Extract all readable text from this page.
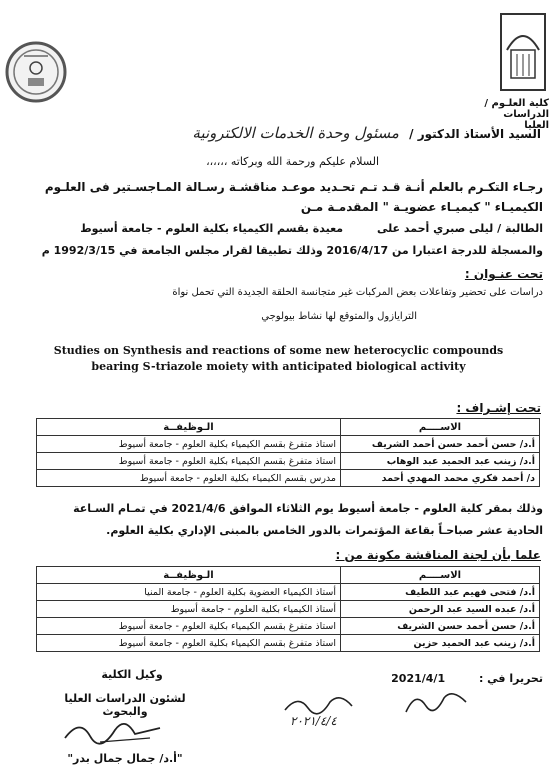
كلية العلـوم / الدراسات
العليا
السيد الأستاذ الدكتور / مسئول وحدة الخدمات الالكترونية
السلام عليكم ورحمة الله وبركاته ،،،،،،
رجـاء التكـرم بالعلم أنـة قـد تـم تحـديد موعـد مناقشـة رسـالة المـاجسـتير فى العلـوم
الكيميـاء " كيميـاء عضويـة " المقدمـة مـن
الطالبة / ليلى صبري أحمد على معيدة بقسم الكيمياء بكلية العلوم - جامعة أسيوط
والمسجلة للدرجة اعتبارا من 2016/4/17 وذلك تطبيقا لقرار مجلس الجامعة في 1992/3/15 م
تحت عنـوان :
دراسات على تحضير وتفاعلات بعض المركبات غير متجانسة الحلقة الجديدة التي تحمل نواة
الترايازول والمتوقع لها نشاط بيولوجي
Studies on Synthesis and reactions of some new heterocyclic compounds
bearing S-triazole moiety with anticipated biological activity
تحت إشـراف :
الاســــم	الـوظيفــة
أ.د/ حسن أحمد حسن أحمد الشريف	استاذ متفرغ بقسم الكيمياء بكلية العلوم - جامعة أسيوط
أ.د/ زينب عبد الحميد عبد الوهاب	استاذ متفرغ بقسم الكيمياء بكلية العلوم - جامعة أسيوط
د/ أحمد فكري محمد المهدي أحمد	مدرس بقسم الكيمياء بكلية العلوم - جامعة أسيوط
وذلك بمقر كلية العلوم - جامعة أسيوط يوم الثلاثاء الموافق 2021/4/6 في تمـام السـاعة
الحادية عشر صباحـاً بقاعة المؤتمرات بالدور الخامس بالمبنى الإداري بكلية العلوم.
علما بأن لجنة المناقشة مكونة من :
الاســــم	الـوظيفــة
أ.د/ فتحى فهيم عبد اللطيف	أستاذ الكيمياء العضوية بكلية العلوم - جامعة المنيا
أ.د/ عبده السيد عبد الرحمن	أستاذ الكيمياء بكلية العلوم - جامعة أسيوط
أ.د/ حسن أحمد حسن الشريف	استاذ متفرغ بقسم الكيمياء بكلية العلوم - جامعة أسيوط
أ.د/ زينب عبد الحميد حزين	استاذ متفرغ بقسم الكيمياء بكلية العلوم - جامعة أسيوط
تحريرا في : 2021/4/1
وكيل الكلية
لشئون الدراسات العليا والبحوث
٢٠٢١/٤/٤
"أ.د/ جمال جمال بدر"
